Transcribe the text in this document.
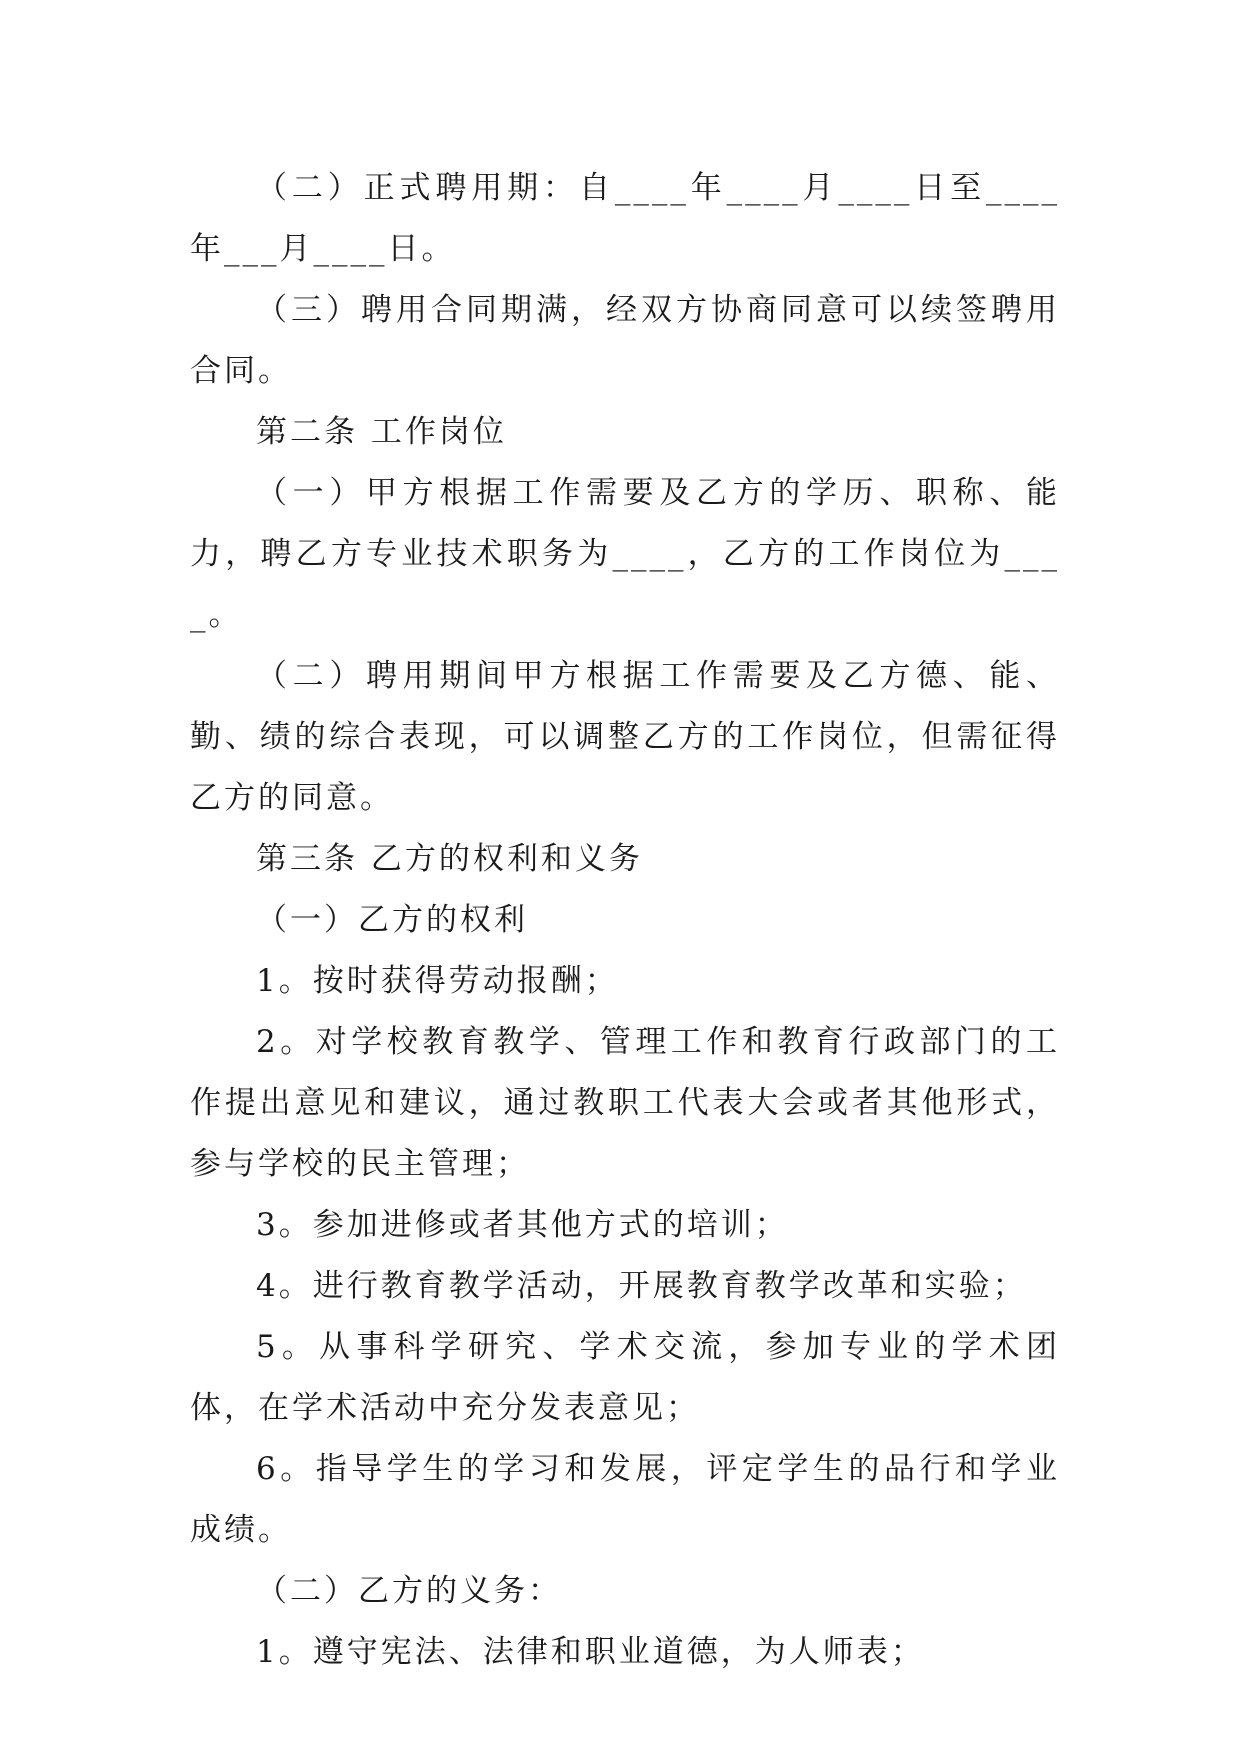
（二）正式聘用期：自____年____月____日至____年___月____日。

（三）聘用合同期满，经双方协商同意可以续签聘用合同。

第二条 工作岗位

（一）甲方根据工作需要及乙方的学历、职称、能力，聘乙方专业技术职务为____，乙方的工作岗位为____。

（二）聘用期间甲方根据工作需要及乙方德、能、勤、绩的综合表现，可以调整乙方的工作岗位，但需征得乙方的同意。

第三条 乙方的权利和义务

（一）乙方的权利

1。按时获得劳动报酬；

2。对学校教育教学、管理工作和教育行政部门的工作提出意见和建议，通过教职工代表大会或者其他形式，参与学校的民主管理；

3。参加进修或者其他方式的培训；

4。进行教育教学活动，开展教育教学改革和实验；

5。从事科学研究、学术交流，参加专业的学术团体，在学术活动中充分发表意见；

6。指导学生的学习和发展，评定学生的品行和学业成绩。

（二）乙方的义务：

1。遵守宪法、法律和职业道德，为人师表；
